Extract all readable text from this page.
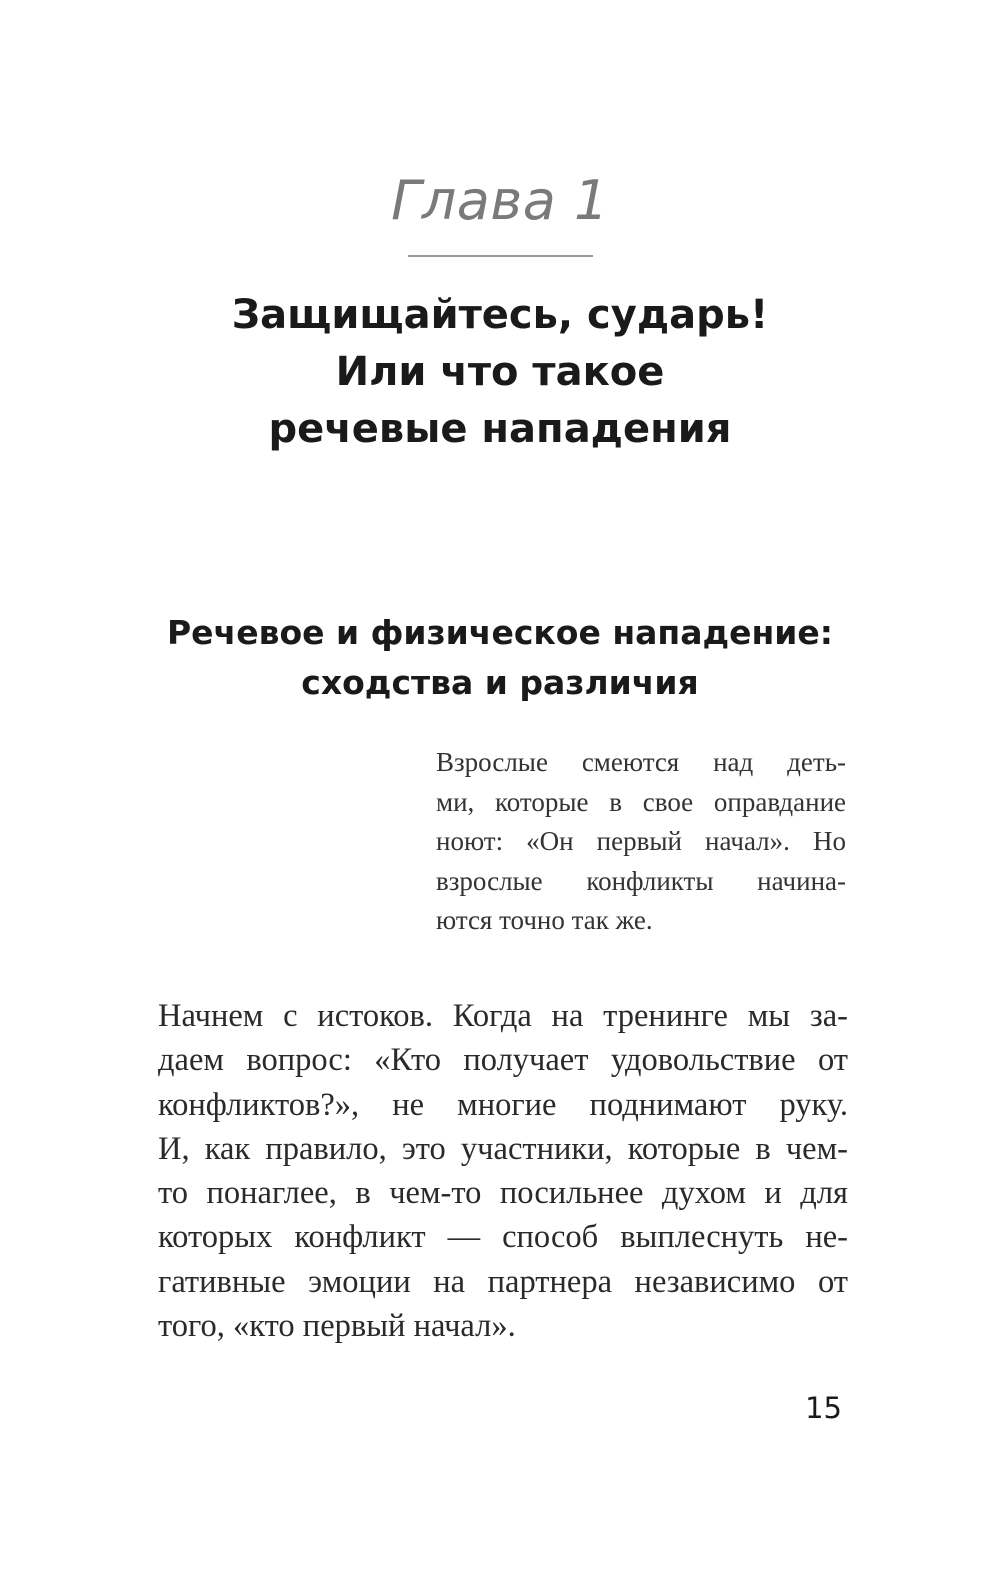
Глава 1
Защищайтесь, сударь!
Или что такое
речевые нападения
Речевое и физическое нападение:
сходства и различия
Взрослые смеются над деть-
ми, которые в свое оправдание
ноют: «Он первый начал». Но
взрослые конфликты начина-
ются точно так же.
Начнем с истоков. Когда на тренинге мы за-
даем вопрос: «Кто получает удовольствие от
конфликтов?», не многие поднимают руку.
И, как правило, это участники, которые в чем-
то понаглее, в чем-то посильнее духом и для
которых конфликт — способ выплеснуть не-
гативные эмоции на партнера независимо от
того, «кто первый начал».
15
